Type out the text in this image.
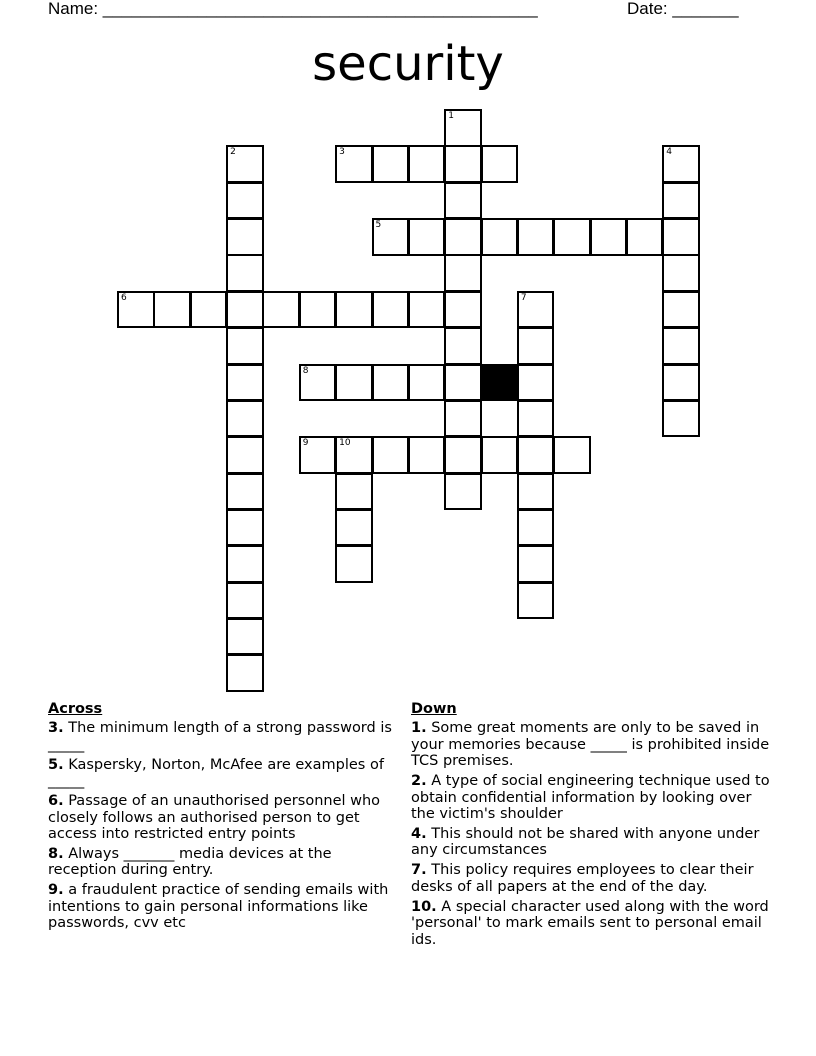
Name: ______________________________________________	Date: _______
security
1
2	3	4
5
6	7
8
9	10
Across
3. The minimum length of a strong password is _____
5. Kaspersky, Norton, McAfee are examples of _____
6. Passage of an unauthorised personnel who closely follows an authorised person to get access into restricted entry points
8. Always _______ media devices at the reception during entry.
9. a fraudulent practice of sending emails with intentions to gain personal informations like passwords, cvv etc
Down
1. Some great moments are only to be saved in your memories because _____ is prohibited inside TCS premises.
2. A type of social engineering technique used to obtain confidential information by looking over the victim's shoulder
4. This should not be shared with anyone under any circumstances
7. This policy requires employees to clear their desks of all papers at the end of the day.
10. A special character used along with the word 'personal' to mark emails sent to personal email ids.
